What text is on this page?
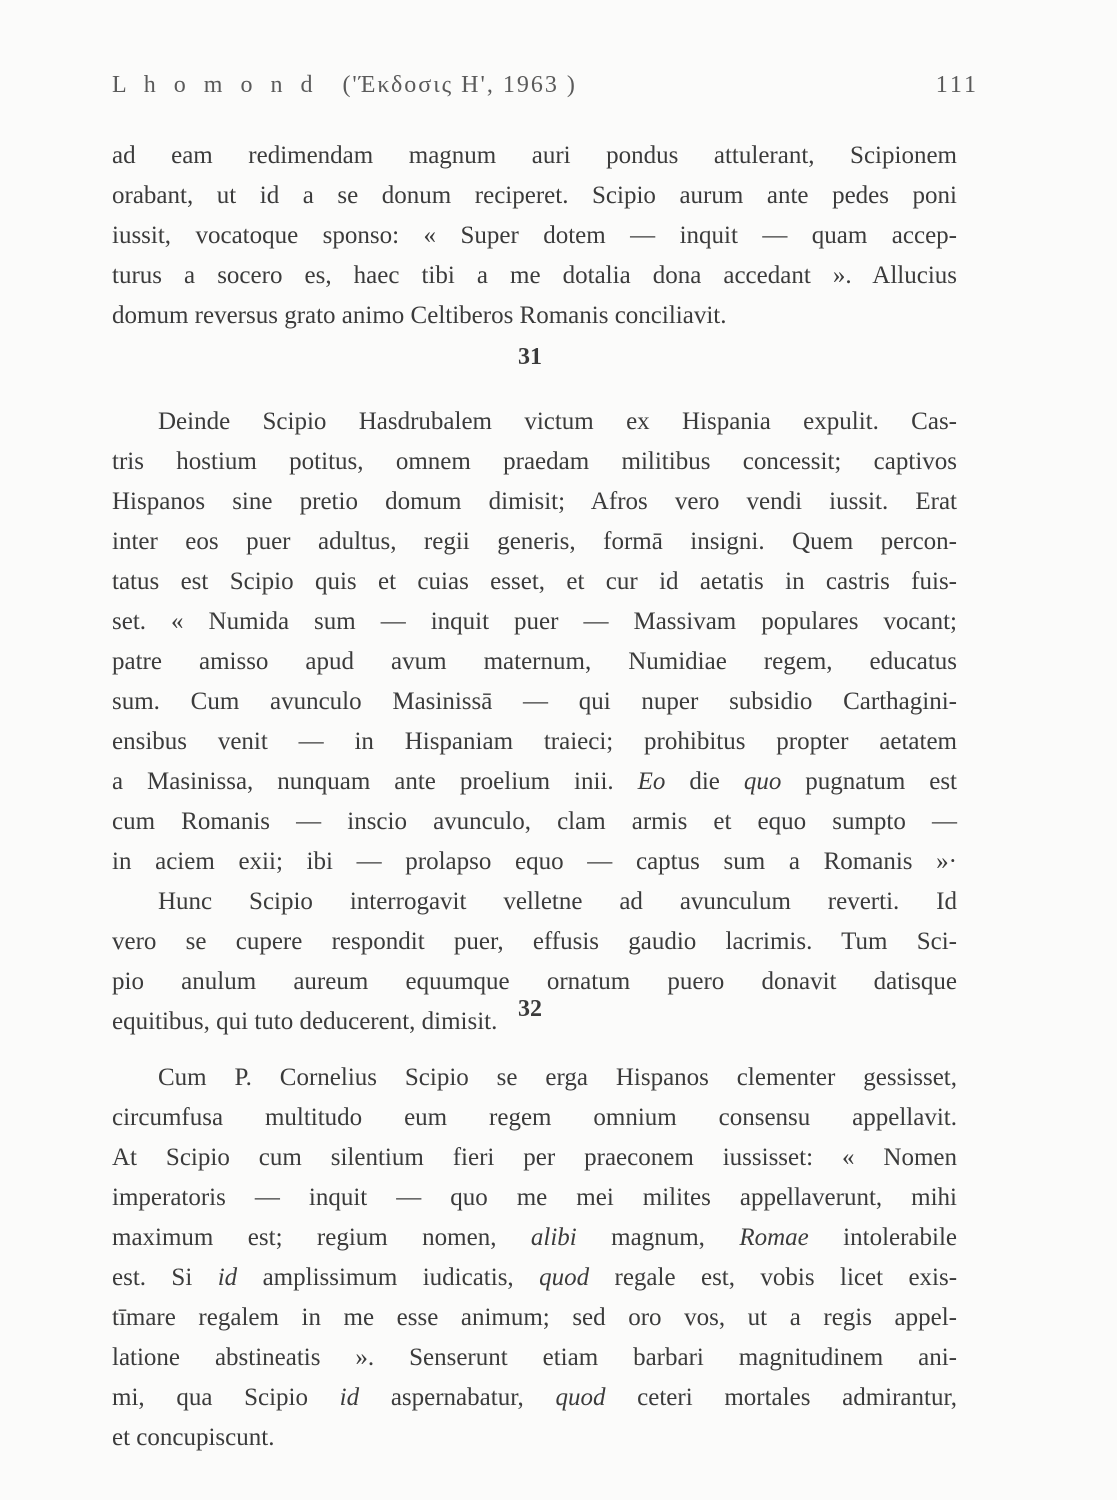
L h o m o n d ('Έκδοσις Η', 1963 )	111
ad eam redimendam magnum auri pondus attulerant, Scipionem
orabant, ut id a se donum reciperet. Scipio aurum ante pedes poni
iussit, vocatoque sponso: « Super dotem — inquit — quam accep-
turus a socero es, haec tibi a me dotalia dona accedant ». Allucius
domum reversus grato animo Celtiberos Romanis conciliavit.
31
Deinde Scipio Hasdrubalem victum ex Hispania expulit. Cas-
tris hostium potitus, omnem praedam militibus concessit; captivos
Hispanos sine pretio domum dimisit; Afros vero vendi iussit. Erat
inter eos puer adultus, regii generis, formā insigni. Quem percon-
tatus est Scipio quis et cuias esset, et cur id aetatis in castris fuis-
set. « Numida sum — inquit puer — Massivam populares vocant;
patre amisso apud avum maternum, Numidiae regem, educatus
sum. Cum avunculo Masinissā — qui nuper subsidio Carthagini-
ensibus venit — in Hispaniam traieci; prohibitus propter aetatem
a Masinissa, nunquam ante proelium inii. Eo die quo pugnatum est
cum Romanis — inscio avunculo, clam armis et equo sumpto —
in aciem exii; ibi — prolapso equo — captus sum a Romanis »·
Hunc Scipio interrogavit velletne ad avunculum reverti. Id
vero se cupere respondit puer, effusis gaudio lacrimis. Tum Sci-
pio anulum aureum equumque ornatum puero donavit datisque
equitibus, qui tuto deducerent, dimisit. 32
Cum P. Cornelius Scipio se erga Hispanos clementer gessisset,
circumfusa multitudo eum regem omnium consensu appellavit.
At Scipio cum silentium fieri per praeconem iussisset: « Nomen
imperatoris — inquit — quo me mei milites appellaverunt, mihi
maximum est; regium nomen, alibi magnum, Romae intolerabile
est. Si id amplissimum iudicatis, quod regale est, vobis licet exis-
tīmare regalem in me esse animum; sed oro vos, ut a regis appel-
latione abstineatis ». Senserunt etiam barbari magnitudinem ani-
mi, qua Scipio id aspernabatur, quod ceteri mortales admirantur,
et concupiscunt.
